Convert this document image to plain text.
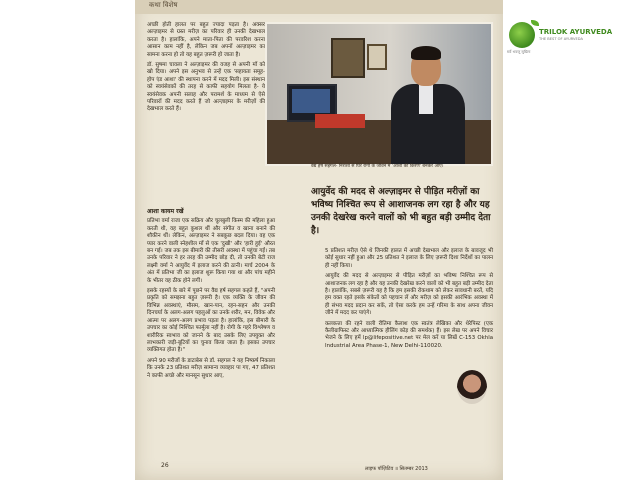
TRILOK AYURVEDA
THE BEST OF AYURVEDA
सर्वे भवन्तु सुखिनः
कथा विशेष

अच्छी होती हालत पर बहुत ज्यादा पड़ता है। अक्सर अल्ज़ाइमर से ग्रस्त मरीज़ का परिवार ही उनकी देखभाल करता है। हालांकि, अपने माता-पिता की परवरिश करना आसान काम नहीं है, लेकिन जब अपनों अल्ज़ाइमर का सामना करना हो तो यह बहुत ज़रूरी हो जाता है।

डॉ. सुषमा चावला ने अल्ज़ाइमर की वजह से अपनी माँ को खो दिया। अपने इस अनुभव से उन्हें एक 'सहायता समूह- होप एंड आशा' की स्थापना करने में मदद मिली। इस संस्थान को स्वयंसेवकों की तरह से काफी सहयोग मिलता है- ये स्वयंसेवक अपनी सलाह और परामर्श के माध्यम से ऐसे परिवारों की मदद करते हैं जो अल्ज़ाइमर के मरीज़ों की देखभाल करते हैं।

वैद्य हर्ष सहगल- निराशा से घिरे रोगी के जीवन में 'आशा की किरण' बनकर आए।
आयुर्वेद की मदद से अल्ज़ाइमर से पीड़ित मरीज़ों का भविष्य निश्चित रूप से आशाजनक लग रहा है और यह उनकी देखरेख करने वालों को भी बहुत बड़ी उम्मीद देता है।

आशा कायम रखें

प्रतिभा वर्मा राजा एक सक्रिय और चुलबुली किस्म की महिला हुआ करती थी, वह बहुत कुशल थीं और संगीत व खाना बनाने की शौकीन थीं। लेकिन, अल्ज़ाइमर ने सबकुछ बदल दिया। वह एक प्यार करने वाली स्नेहशील माँ से एक 'दुखी' और 'हारी हुई' औरत बन गईं। जब तक इस बीमारी की तीसरी अवस्था में पहुंचा गईं। तब उनके परिवार ने हर तरह की उम्मीद छोड़ दी, तो उनकी बेटी राज लक्ष्मी वर्मा ने आयुर्वेद में इलाज करने की ठानी। मार्च 2004 के अंत में प्रतिभा जी का इलाज शुरू किया गया था और पांच महीने के भीतर वह ठीक होने लगीं।

इसके रहस्यों के बारे में पूछने पर वैद्य हर्ष सहगल कहते हैं, "अपनी प्रकृति को समझना बहुत ज़रूरी है। एक व्यक्ति के जीवन की विभिन्न अवस्थाएं, मौसम, खान-पान, रहन-सहन और उनकी दिनचर्या के अलग-अलग पहलुओं का उनके शरीर, मन, विवेक और आत्मा पर अलग-अलग प्रभाव पड़ता है। हालांकि, इस बीमारी के उपचार का कोई निश्चित फार्मूला नहीं है। रोगी के गहरे विश्लेषण व शारीरिक स्वभाव को जानने के बाद उसके लिए उपयुक्त और लाभकारी जड़ी-बूटियों का चुनाव किया जाता है। इसका उपचार व्यक्तिगत होता है।"

अपने 90 मरीजों के डाटाबेस से डॉ. सहगल ने यह निष्कर्ष निकाला कि उनके 23 प्रतिशत मरीज़ सामान्य व्यवहार पा गए, 47 प्रतिशत ने काफी अच्छे और मानसून सुधार आए,

5 प्रतिशत मरीज़ ऐसे थे जिनकी हालत में अच्छी देखभाल और इलाज के बावजूद भी कोई सुधार नहीं हुआ और 25 प्रतिशत ने इलाज के लिए ज़रूरी दिशा निर्देशों का पालन ही नहीं किया।

आयुर्वेद की मदद से अल्ज़ाइमर से पीड़ित मरीज़ों का भविष्य निश्चित रूप से आशाजनक लग रहा है और यह उनकी देखरेख करने वालों को भी बहुत बड़ी उम्मीद देता है। हालांकि, सबसे ज़रूरी यह है कि हम इसकी रोकथाम को लेकर सावधानी बरतें, यदि हम वक्त रहते इसके संकेतों को पहचान लें और मरीज़ को इसकी आरंभिक अवस्था में ही संभव मदद प्रदान कर सकें, तो ऐसा करके हम उन्हें गरिमा के साथ अपना जीवन जीने में मदद कर पाएंगे।

कलकत्ता की रहने वाली रीतिमा कैलाश एक स्वतंत्र लेखिका और थेरेपिस्ट (एक कैलीग्राफिस्ट और आध्यात्मिक हीलिंग कोड़ की समर्थक) हैं। इस लेख पर अपने विचार भेजने के लिए हमें lp@lifepositive.net पर मेल करें या लिखें C-153 Okhla Industrial Area Phase-1, New Delhi-110020.

26	लाइफ पॉज़िटिव ॥ सितम्बर 2013
